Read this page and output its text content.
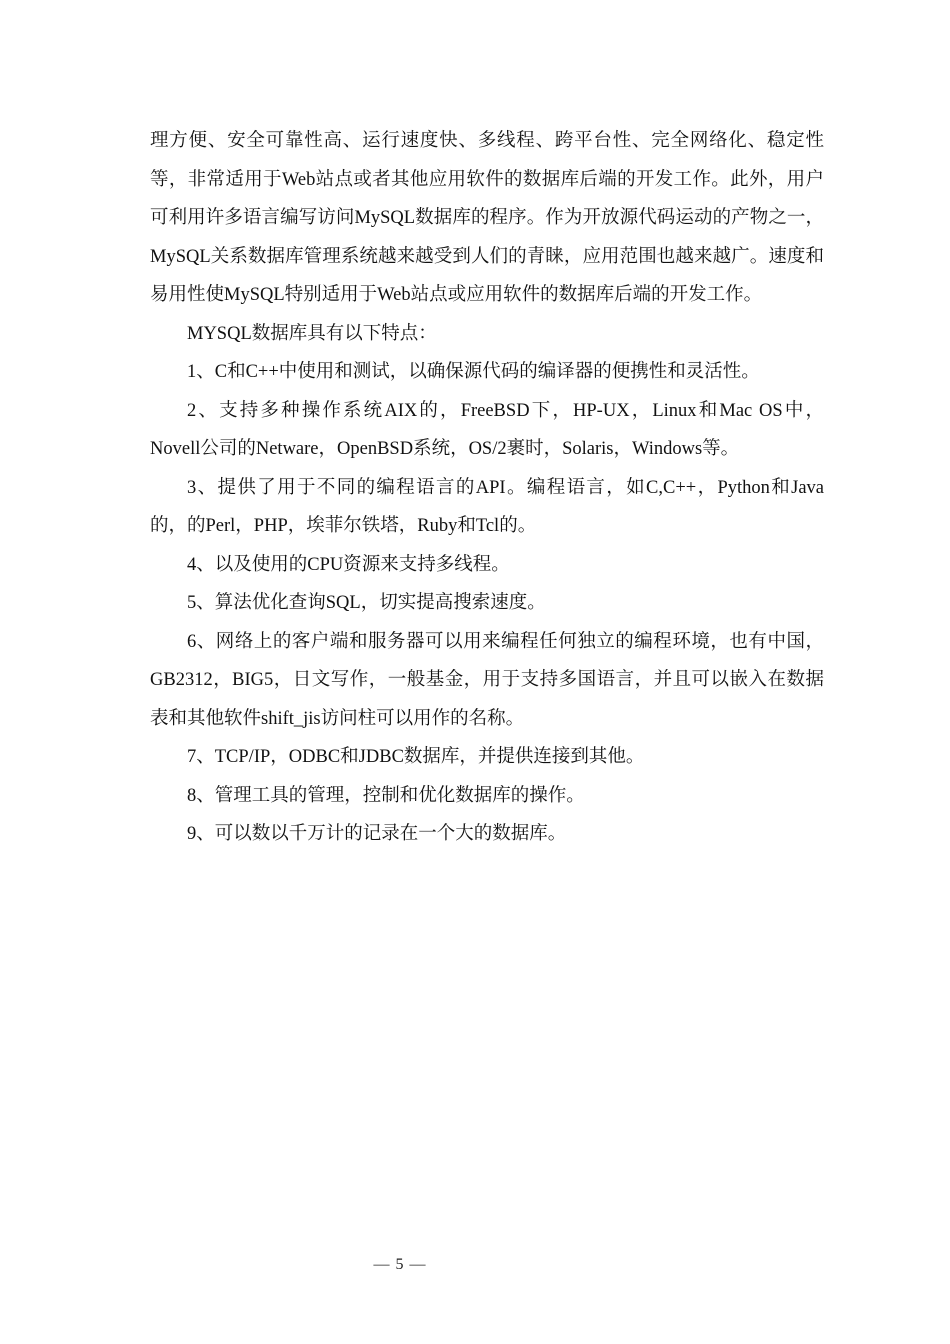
理方便、安全可靠性高、运行速度快、多线程、跨平台性、完全网络化、稳定性等，非常适用于Web站点或者其他应用软件的数据库后端的开发工作。此外，用户可利用许多语言编写访问MySQL数据库的程序。作为开放源代码运动的产物之一，MySQL关系数据库管理系统越来越受到人们的青睐，应用范围也越来越广。速度和易用性使MySQL特别适用于Web站点或应用软件的数据库后端的开发工作。

MYSQL数据库具有以下特点：

1、C和C++中使用和测试，以确保源代码的编译器的便携性和灵活性。

2、支持多种操作系统AIX的，FreeBSD下，HP-UX，Linux和Mac OS中，Novell公司的Netware，OpenBSD系统，OS/2裹时，Solaris，Windows等。

3、提供了用于不同的编程语言的API。编程语言，如C,C++，Python和Java的，的Perl，PHP，埃菲尔铁塔，Ruby和Tcl的。

4、以及使用的CPU资源来支持多线程。

5、算法优化查询SQL，切实提高搜索速度。

6、网络上的客户端和服务器可以用来编程任何独立的编程环境，也有中国，GB2312，BIG5，日文写作，一般基金，用于支持多国语言，并且可以嵌入在数据表和其他软件shift_jis访问柱可以用作的名称。

7、TCP/IP，ODBC和JDBC数据库，并提供连接到其他。

8、管理工具的管理，控制和优化数据库的操作。

9、可以数以千万计的记录在一个大的数据库。

— 5 —
